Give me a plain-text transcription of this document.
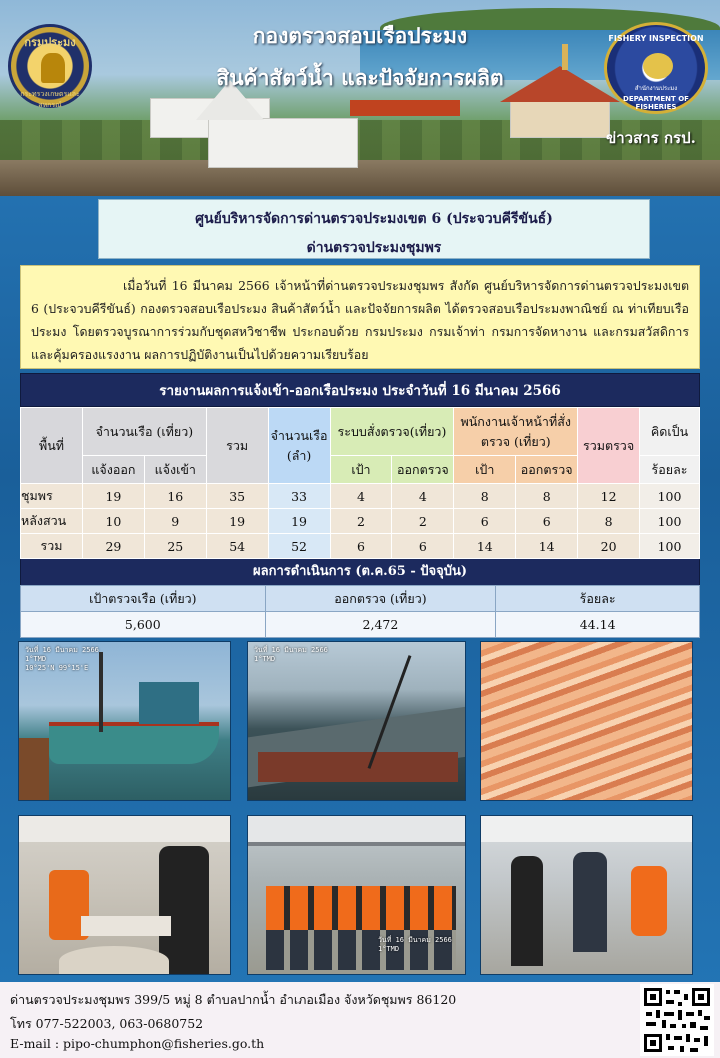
กองตรวจสอบเรือประมง
สินค้าสัตว์น้ำ และปัจจัยการผลิต
กรมประมง
กระทรวงเกษตรและสหกรณ์
FISHERY INSPECTION
สำนักงานประมง
DEPARTMENT OF FISHERIES
ข่าวสาร กรป.
ศูนย์บริหารจัดการด่านตรวจประมงเขต 6 (ประจวบคีรีขันธ์)
ด่านตรวจประมงชุมพร
เมื่อวันที่ 16 มีนาคม 2566 เจ้าหน้าที่ด่านตรวจประมงชุมพร สังกัด ศูนย์บริหารจัดการด่านตรวจประมงเขต 6 (ประจวบคีรีขันธ์) กองตรวจสอบเรือประมง สินค้าสัตว์น้ำ และปัจจัยการผลิต ได้ตรวจสอบเรือประมงพาณิชย์ ณ ท่าเทียบเรือประมง โดยตรวจบูรณาการร่วมกับชุดสหวิชาชีพ ประกอบด้วย กรมประมง กรมเจ้าท่า กรมการจัดหางาน และกรมสวัสดิการและคุ้มครองแรงงาน ผลการปฏิบัติงานเป็นไปด้วยความเรียบร้อย
รายงานผลการแจ้งเข้า-ออกเรือประมง ประจำวันที่ 16 มีนาคม 2566
พื้นที่	จำนวนเรือ (เที่ยว)		รวม	จำนวนเรือ (ลำ)	ระบบสั่งตรวจ(เที่ยว)		พนักงานเจ้าหน้าที่สั่งตรวจ (เที่ยว)		รวมตรวจ	คิดเป็น
	แจ้งออก	แจ้งเข้า			เป้า	ออกตรวจ	เป้า	ออกตรวจ		ร้อยละ
ชุมพร	19	16	35	33	4	4	8	8	12	100
หลังสวน	10	9	19	19	2	2	6	6	8	100
รวม	29	25	54	52	6	6	14	14	20	100
ผลการดำเนินการ (ต.ค.65 - ปัจจุบัน)
เป้าตรวจเรือ (เที่ยว)	ออกตรวจ (เที่ยว)	ร้อยละ
5,600	2,472	44.14
วันที่ 16 มีนาคม 2566
1°TMD
10°25'N 99°15'E
วันที่ 16 มีนาคม 2566
1°TMD
วันที่ 16 มีนาคม 2566
1°TMD
ด่านตรวจประมงชุมพร 399/5 หมู่ 8 ตำบลปากน้ำ อำเภอเมือง จังหวัดชุมพร 86120
โทร 077-522003, 063-0680752
E-mail : pipo-chumphon@fisheries.go.th
